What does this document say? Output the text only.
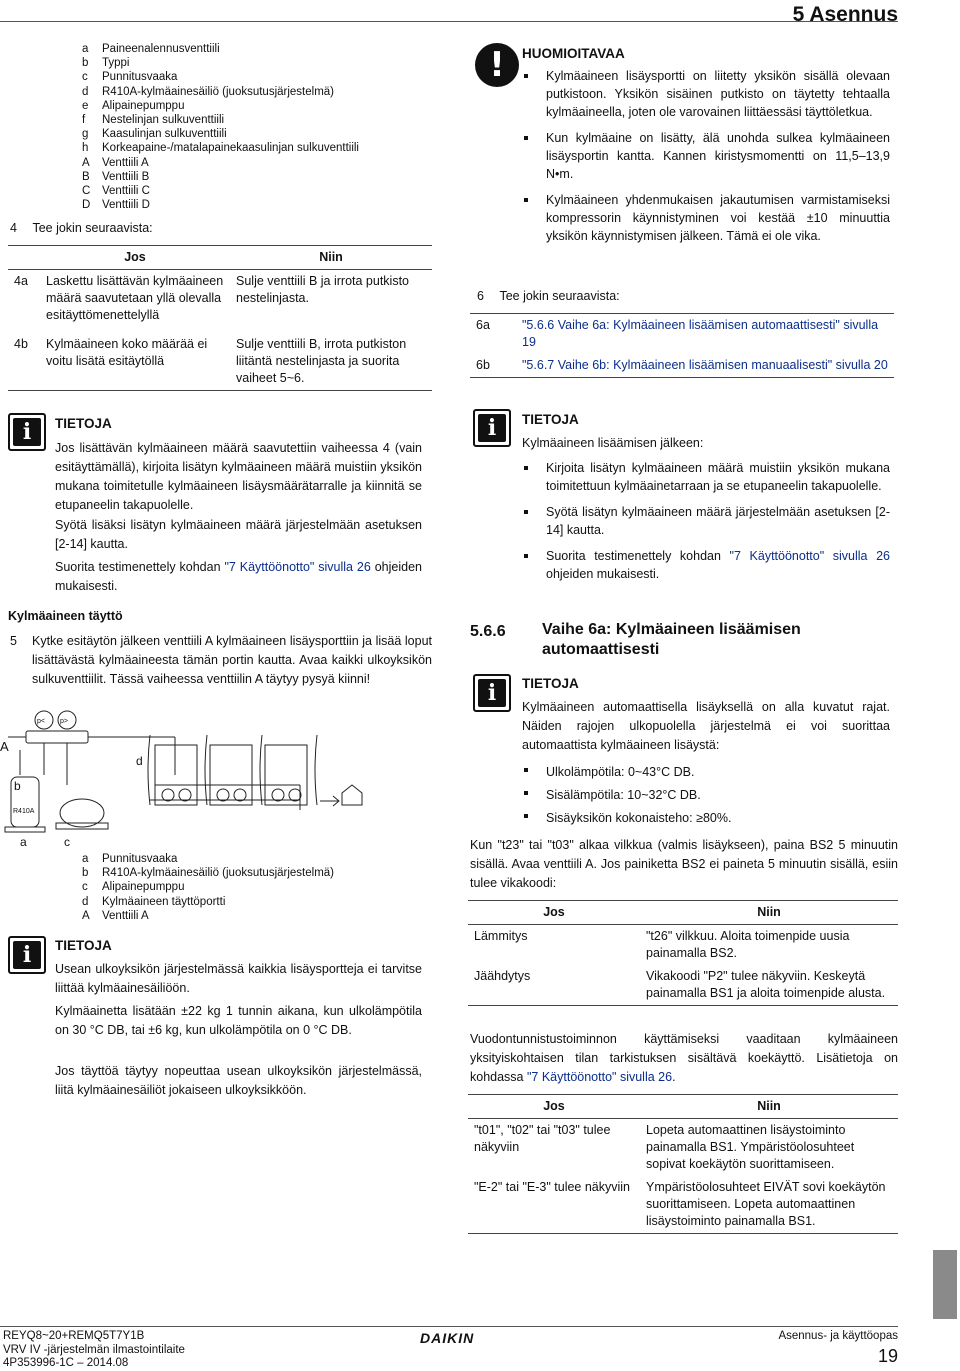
5 Asennus
a	Paineenalennusventtiili
b	Typpi
c	Punnitusvaaka
d	R410A-kylmäainesäiliö (juoksutusjärjestelmä)
e	Alipainepumppu
f	Nestelinjan sulkuventtiili
g	Kaasulinjan sulkuventtiili
h	Korkeapaine-/matalapainekaasulinjan sulkuventtiili
A	Venttiili A
B	Venttiili B
C	Venttiili C
D	Venttiili D
4 Tee jokin seuraavista:
	Jos	Niin
4a	Laskettu lisättävän kylmäaineen määrä saavutetaan yllä olevalla esitäyttömenettelyllä	Sulje venttiili B ja irrota putkisto nestelinjasta.
4b	Kylmäaineen koko määrää ei voitu lisätä esitäytöllä	Sulje venttiili B, irrota putkiston liitäntä nestelinjasta ja suorita vaiheet 5~6.
i	TIETOJA
Jos lisättävän kylmäaineen määrä saavutettiin vaiheessa 4 (vain esitäyttämällä), kirjoita lisätyn kylmäaineen määrä muistiin yksikön mukana toimitetulle kylmäaineen lisäysmäärätarralle ja kiinnitä se etupaneelin takapuolelle.
Syötä lisäksi lisätyn kylmäaineen määrä järjestelmään asetuksen [2-14] kautta.
Suorita testimenettely kohdan "7 Käyttöönotto" sivulla 26 ohjeiden mukaisesti.
Kylmäaineen täyttö
5 Kytke esitäytön jälkeen venttiili A kylmäaineen lisäysporttiin ja lisää loput lisättävästä kylmäaineesta tämän portin kautta. Avaa kaikki ulkoyksikön sulkuventtiilit. Tässä vaiheessa venttiilin A täytyy pysyä kiinni!
A
b
a	c
d
p< p>
R410A
a	Punnitusvaaka
b	R410A-kylmäainesäiliö (juoksutusjärjestelmä)
c	Alipainepumppu
d	Kylmäaineen täyttöportti
A	Venttiili A
i	TIETOJA
Usean ulkoyksikön järjestelmässä kaikkia lisäysportteja ei tarvitse liittää kylmäainesäiliöön.
Kylmäainetta lisätään ±22 kg 1 tunnin aikana, kun ulkolämpötila on 30 °C DB, tai ±6 kg, kun ulkolämpötila on 0 °C DB.
Jos täyttöä täytyy nopeuttaa usean ulkoyksikön järjestelmässä, liitä kylmäainesäiliöt jokaiseen ulkoyksikköön.
!	HUOMIOITAVAA
Kylmäaineen lisäysportti on liitetty yksikön sisällä olevaan putkistoon. Yksikön sisäinen putkisto on täytetty tehtaalla kylmäaineella, joten ole varovainen liittäessäsi täyttöletkua.
Kun kylmäaine on lisätty, älä unohda sulkea kylmäaineen lisäysportin kantta. Kannen kiristysmomentti on 11,5–13,9 N•m.
Kylmäaineen yhdenmukaisen jakautumisen varmistamiseksi kompressorin käynnistyminen voi kestää ±10 minuuttia yksikön käynnistymisen jälkeen. Tämä ei ole vika.
6 Tee jokin seuraavista:
6a	"5.6.6 Vaihe 6a: Kylmäaineen lisäämisen automaattisesti" sivulla 19
6b	"5.6.7 Vaihe 6b: Kylmäaineen lisäämisen manuaalisesti" sivulla 20
i	TIETOJA
Kylmäaineen lisäämisen jälkeen:
Kirjoita lisätyn kylmäaineen määrä muistiin yksikön mukana toimitettuun kylmäainetarraan ja se etupaneelin takapuolelle.
Syötä lisätyn kylmäaineen määrä järjestelmään asetuksen [2-14] kautta.
Suorita testimenettely kohdan "7 Käyttöönotto" sivulla 26 ohjeiden mukaisesti.
5.6.6 Vaihe 6a: Kylmäaineen lisäämisen automaattisesti
i	TIETOJA
Kylmäaineen automaattisella lisäyksellä on alla kuvatut rajat. Näiden rajojen ulkopuolella järjestelmä ei voi suorittaa automaattista kylmäaineen lisäystä:
Ulkolämpötila: 0~43°C DB.
Sisälämpötila: 10~32°C DB.
Sisäyksikön kokonaisteho: ≥80%.
Kun "t23" tai "t03" alkaa vilkkua (valmis lisäykseen), paina BS2 5 minuutin sisällä. Avaa venttiili A. Jos painiketta BS2 ei paineta 5 minuutin sisällä, esiin tulee vikakoodi:
Jos	Niin
Lämmitys	"t26" vilkkuu. Aloita toimenpide uusia painamalla BS2.
Jäähdytys	Vikakoodi "P2" tulee näkyviin. Keskeytä painamalla BS1 ja aloita toimenpide alusta.
Vuodontunnistustoiminnon käyttämiseksi vaaditaan kylmäaineen yksityiskohtaisen tilan tarkistuksen sisältävä koekäyttö. Lisätietoja on kohdassa "7 Käyttöönotto" sivulla 26.
Jos	Niin
"t01", "t02" tai "t03" tulee näkyviin	Lopeta automaattinen lisäystoiminto painamalla BS1. Ympäristöolosuhteet sopivat koekäytön suorittamiseen.
"E-2" tai "E-3" tulee näkyviin	Ympäristöolosuhteet EIVÄT sovi koekäytön suorittamiseen. Lopeta automaattinen lisäystoiminto painamalla BS1.
REYQ8~20+REMQ5T7Y1B
VRV IV -järjestelmän ilmastointilaite
4P353996-1C – 2014.08
DAIKIN	Asennus- ja käyttöopas
19
